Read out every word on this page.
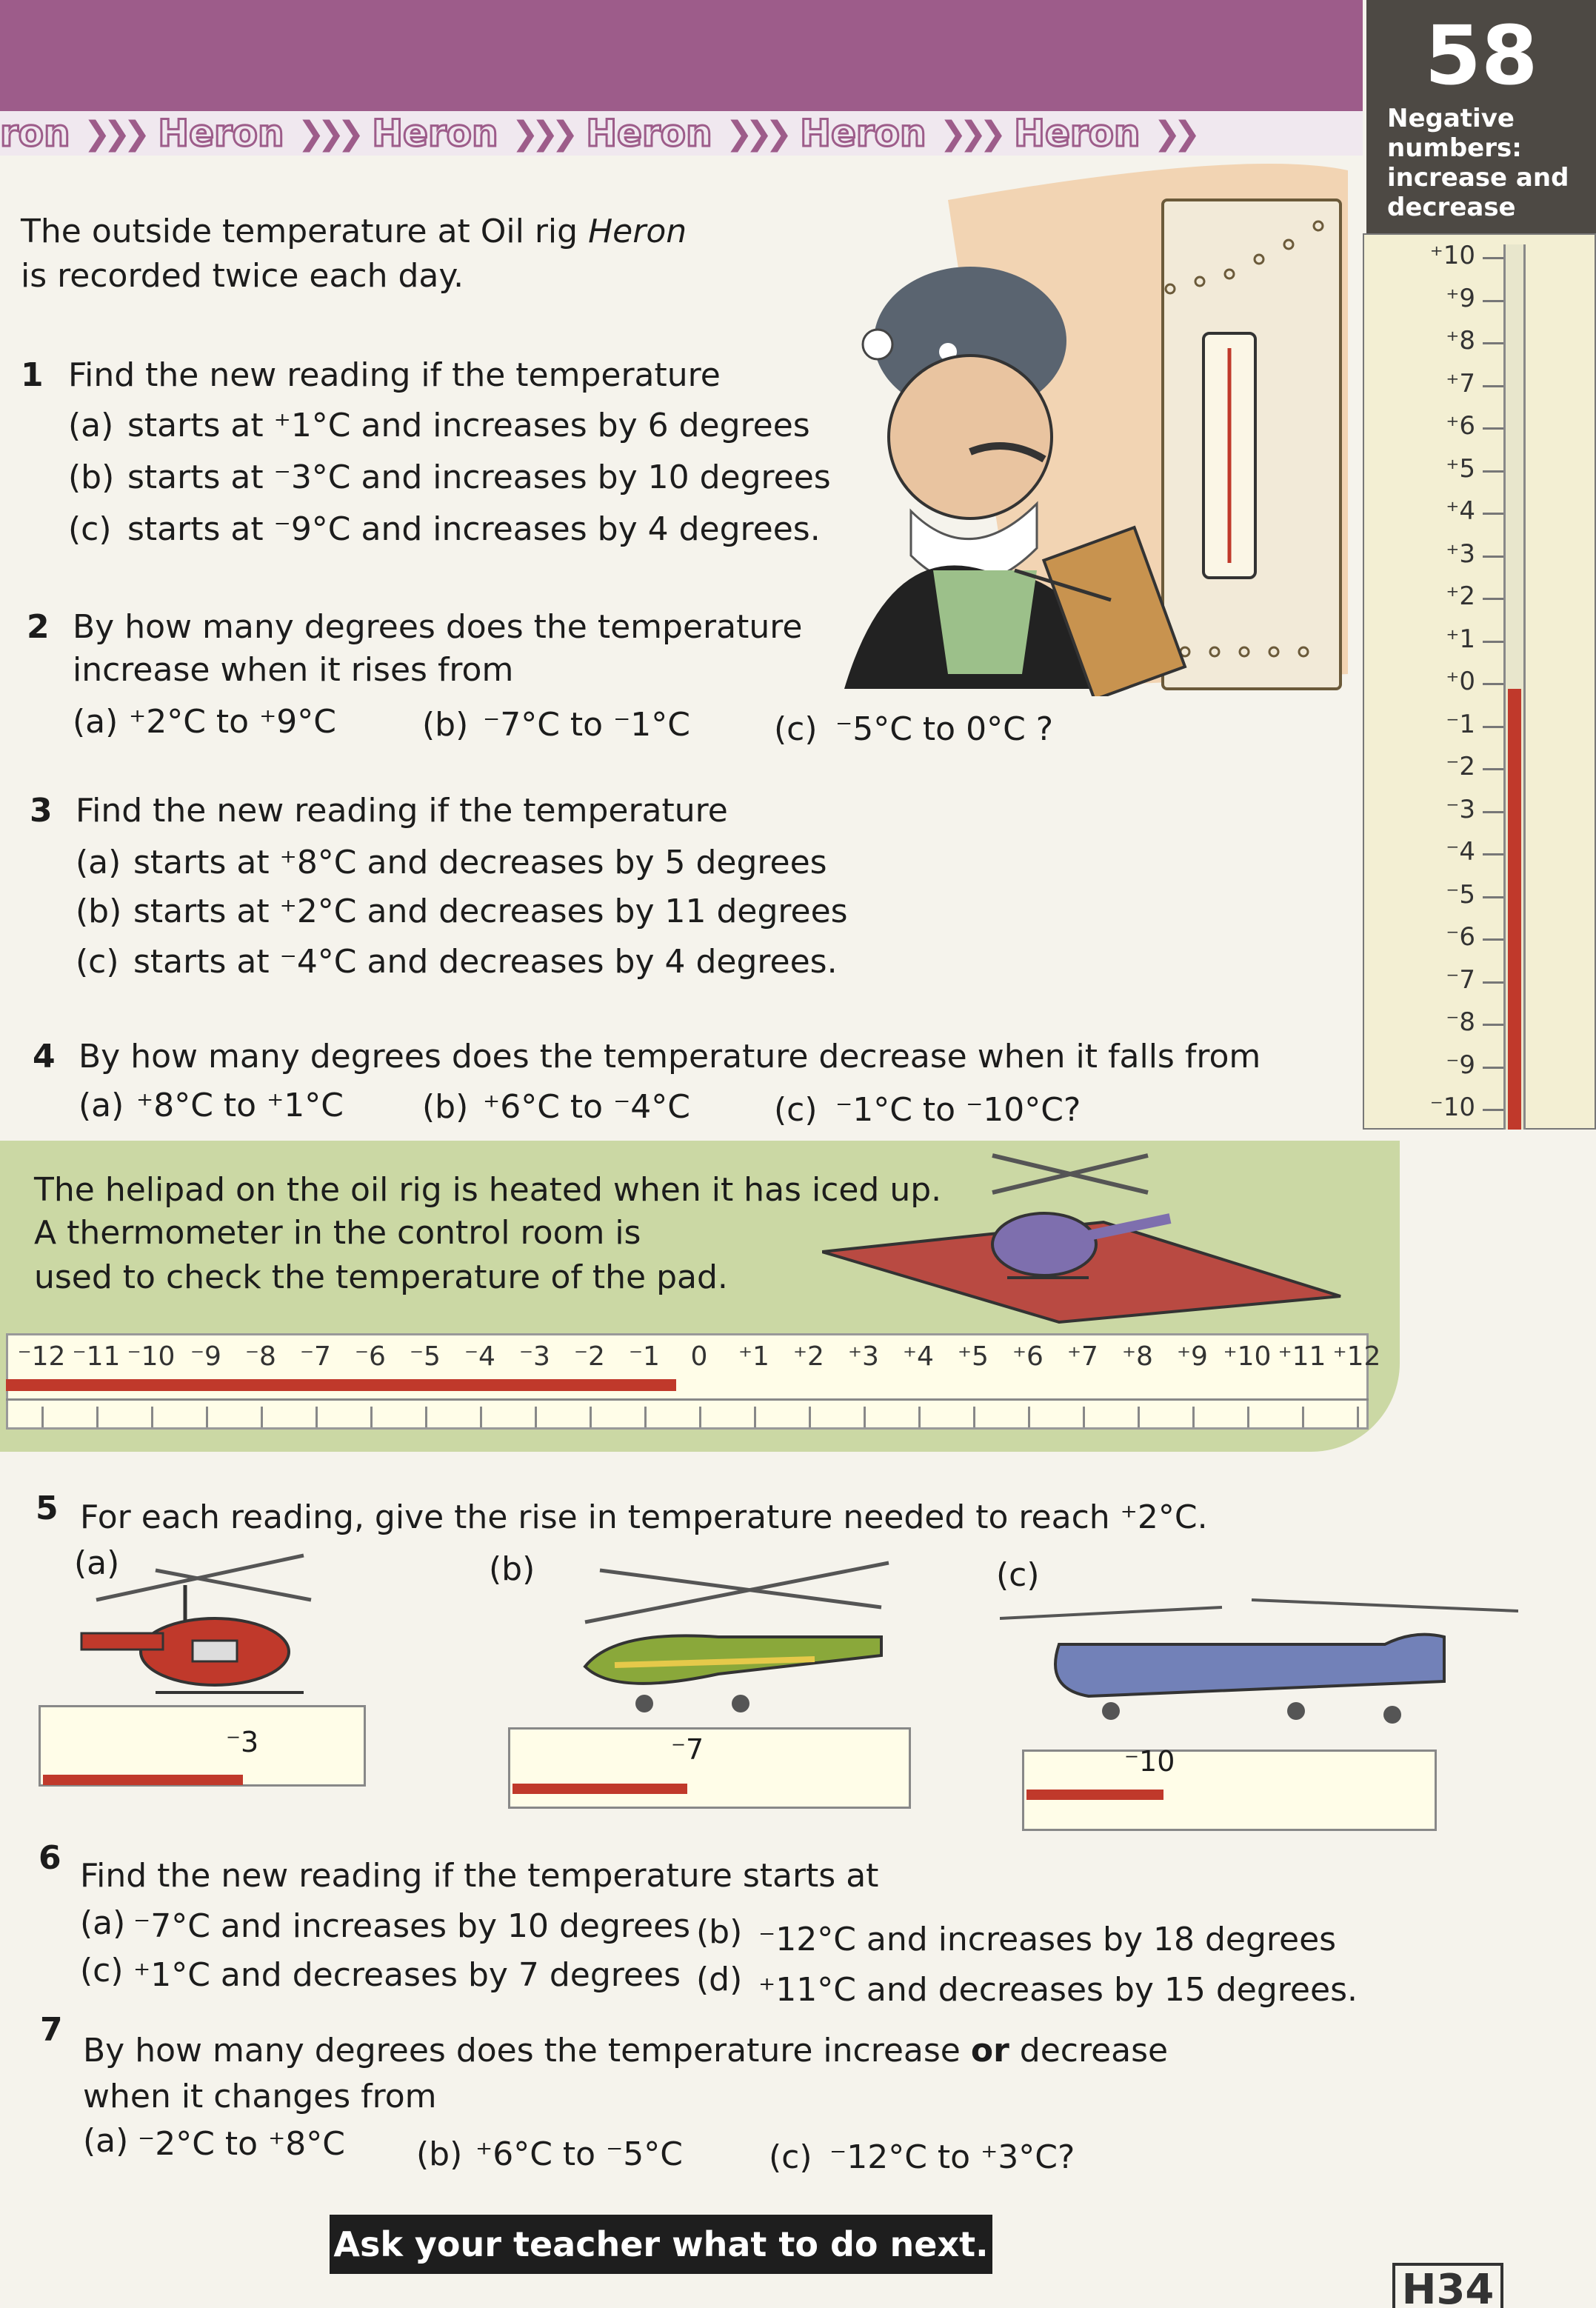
ron ❯❯❯ Heron ❯❯❯ Heron ❯❯❯ Heron ❯❯❯ Heron ❯❯❯ Heron ❯❯
58
Negative numbers: increase and decrease
⁺10
⁺9
⁺8
⁺7
⁺6
⁺5
⁺4
⁺3
⁺2
⁺1
⁺0
⁻1
⁻2
⁻3
⁻4
⁻5
⁻6
⁻7
⁻8
⁻9
⁻10
The outside temperature at Oil rig Heron
is recorded twice each day.
1 Find the new reading if the temperature
(a) starts at ⁺1°C and increases by 6 degrees
(b) starts at ⁻3°C and increases by 10 degrees
(c) starts at ⁻9°C and increases by 4 degrees.
2 By how many degrees does the temperature
increase when it rises from
(a) ⁺2°C to ⁺9°C	(b) ⁻7°C to ⁻1°C	(c) ⁻5°C to 0°C ?
3 Find the new reading if the temperature
(a) starts at ⁺8°C and decreases by 5 degrees
(b) starts at ⁺2°C and decreases by 11 degrees
(c) starts at ⁻4°C and decreases by 4 degrees.
4 By how many degrees does the temperature decrease when it falls from
(a) ⁺8°C to ⁺1°C (b) ⁺6°C to ⁻4°C	(c) ⁻1°C to ⁻10°C?
The helipad on the oil rig is heated when it has iced up.
A thermometer in the control room is
used to check the temperature of the pad.
⁻12 ⁻11 ⁻10 ⁻9 ⁻8 ⁻7 ⁻6 ⁻5 ⁻4 ⁻3 ⁻2 ⁻1	0	⁺1 ⁺2 ⁺3 ⁺4 ⁺5 ⁺6 ⁺7 ⁺8 ⁺9 ⁺10 ⁺11 ⁺12
5 For each reading, give the rise in temperature needed to reach ⁺2°C.
(a)	(b)	(c)
⁻3	⁻7	⁻10
6 Find the new reading if the temperature starts at
(a) ⁻7°C and increases by 10 degrees (b) ⁻12°C and increases by 18 degrees
(c) ⁺1°C and decreases by 7 degrees (d) ⁺11°C and decreases by 15 degrees.
7
By how many degrees does the temperature increase or decrease
when it changes from
(a) ⁻2°C to ⁺8°C (b) ⁺6°C to ⁻5°C	(c) ⁻12°C to ⁺3°C?
Ask your teacher what to do next.
H34
